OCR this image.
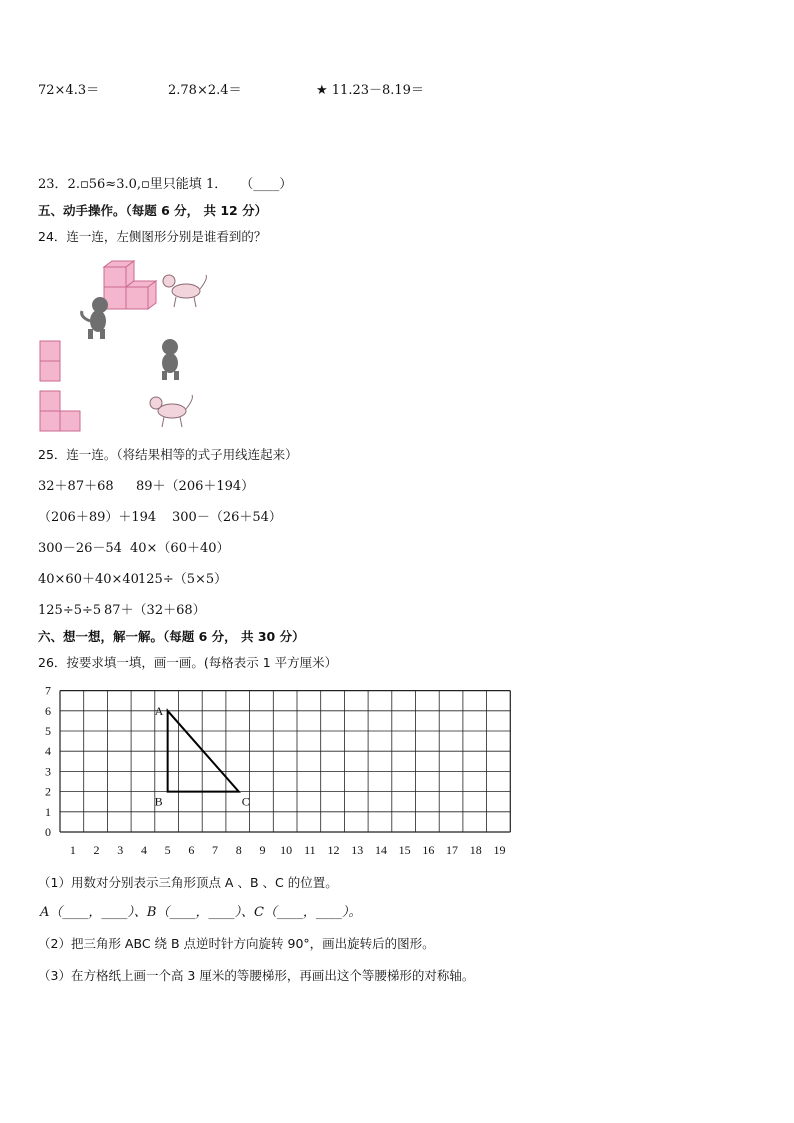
72×4.3＝	2.78×2.4＝	★ 11.23－8.19＝
23．2.▫56≈3.0,▫里只能填 1．　　（____）
五、动手操作。（每题 6 分， 共 12 分）
24．连一连，左侧图形分别是谁看到的？
25．连一连。（将结果相等的式子用线连起来）
32＋87＋68 89＋（206＋194）
（206＋89）＋194 300－（26＋54）
300－26－54 40×（60＋40）
40×60＋40×40 125÷（5×5）
125÷5÷5 87＋（32＋68）
六、想一想，解一解。（每题 6 分， 共 30 分）
26．按要求填一填，画一画。(每格表示 1 平方厘米）
1 2 3 4 5 6 7 8 9 10 11 12 13 14 15 16 17 18 19
0
1
2
3
4
5
6
7
A
B	C
（1）用数对分别表示三角形顶点 A 、B 、C 的位置。
A（____，____）、B（____，____）、C（____，____）。
（2）把三角形 ABC 绕 B 点逆时针方向旋转 90°，画出旋转后的图形。
（3）在方格纸上画一个高 3 厘米的等腰梯形，再画出这个等腰梯形的对称轴。
